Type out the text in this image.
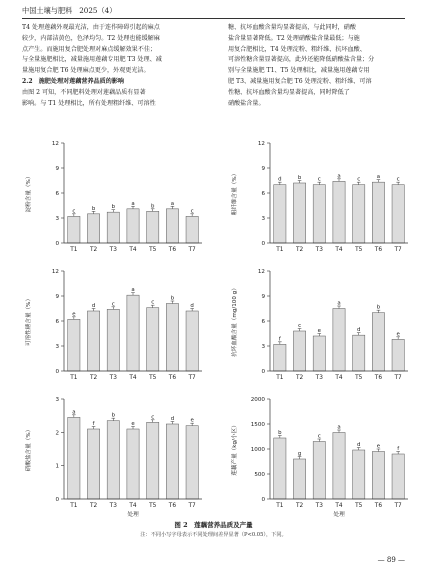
中国土壤与肥料 2025（4）

T4 处理莲藕外观最光洁，由于连作障碍引起的麻点

较少，内部洁黄色，色泽均匀。T2 处理也能缓解麻

点产生。而施用复合肥处理对麻点缓解效果不佳；

与全量施肥相比，减量施用莲藕专用肥 T3 处理、减

量施用复合肥 T6 处理麻点更少，外观更光洁。

2.2　施肥处理对莲藕营养品质的影响

由图 2 可知，不同肥料处理对莲藕品质有显著

影响。与 T1 处理相比，所有处理粗纤维、可溶性

糖、抗坏血酸含量均显著提高，与此同时，硝酸

盐含量显著降低。T2 处理硝酸盐含量最低；与施

用复合肥相比，T4 处理淀粉、粗纤维、抗坏血酸、

可溶性糖含量显著提高，此外还能降低硝酸盐含量；分

别与全量施肥 T1、T5 处理相比，减量施用莲藕专用

肥 T3、减量施用复合肥 T6 处理淀粉、粗纤维、可溶

性糖、抗坏血酸含量均显著提高，同时降低了

硝酸盐含量。

淀粉含量（%）
0
3
6
9
12
c
T1
b
T2
b
T3
a
T4
b
T5
a
T6
c
T7
粗纤维含量（%）
0
3
6
9
12
d
T1
b
T2
c
T3
a
T4
c
T5
a
T6
c
T7
可溶性糖含量（%）
0
3
6
9
12
e
T1
d
T2
c
T3
a
T4
c
T5
b
T6
d
T7
抗坏血酸含量（mg/100 g）
0
3
6
9
12
f
T1
c
T2
e
T3
a
T4
d
T5
b
T6
e
T7
硝酸盐含量（%）
0
1
2
3
a
T1
f
T2
b
T3
e
T4
c
T5
d
T6
e
T7
处理
莲藕产量（kg/小区）
0
500
1000
1500
2000
b
T1
g
T2
c
T3
a
T4
d
T5
e
T6
f
T7
处理
图 2　莲藕营养品质及产量
注：不同小写字母表示不同处理间差异显著（P<0.05），下同。
— 89 —
